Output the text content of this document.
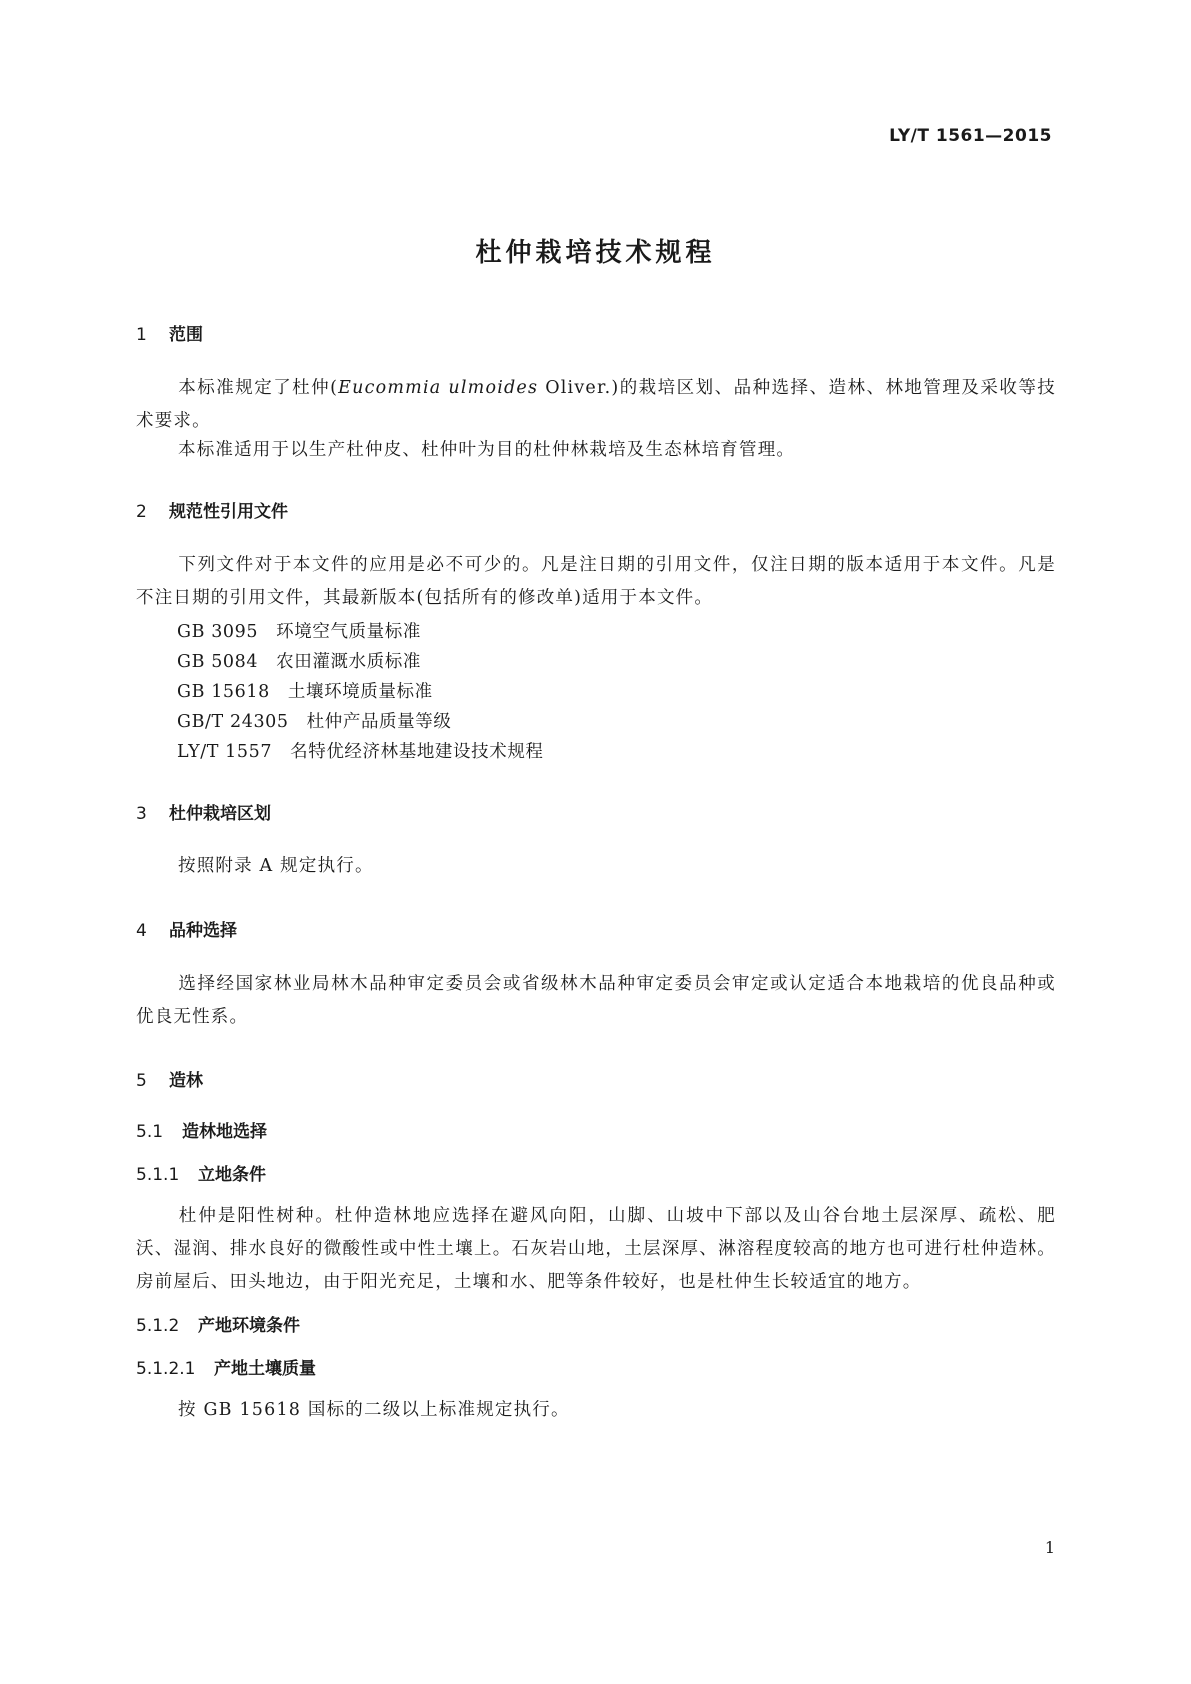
LY/T 1561—2015
杜仲栽培技术规程
1 范围
本标准规定了杜仲(Eucommia ulmoides Oliver.)的栽培区划、品种选择、造林、林地管理及采收等技术要求。
本标准适用于以生产杜仲皮、杜仲叶为目的杜仲林栽培及生态林培育管理。
2 规范性引用文件
下列文件对于本文件的应用是必不可少的。凡是注日期的引用文件，仅注日期的版本适用于本文件。凡是不注日期的引用文件，其最新版本(包括所有的修改单)适用于本文件。
GB 3095 环境空气质量标准
GB 5084 农田灌溉水质标准
GB 15618 土壤环境质量标准
GB/T 24305 杜仲产品质量等级
LY/T 1557 名特优经济林基地建设技术规程
3 杜仲栽培区划
按照附录 A 规定执行。
4 品种选择
选择经国家林业局林木品种审定委员会或省级林木品种审定委员会审定或认定适合本地栽培的优良品种或优良无性系。
5 造林
5.1 造林地选择
5.1.1 立地条件
杜仲是阳性树种。杜仲造林地应选择在避风向阳，山脚、山坡中下部以及山谷台地土层深厚、疏松、肥沃、湿润、排水良好的微酸性或中性土壤上。石灰岩山地，土层深厚、淋溶程度较高的地方也可进行杜仲造林。房前屋后、田头地边，由于阳光充足，土壤和水、肥等条件较好，也是杜仲生长较适宜的地方。
5.1.2 产地环境条件
5.1.2.1 产地土壤质量
按 GB 15618 国标的二级以上标准规定执行。
1
